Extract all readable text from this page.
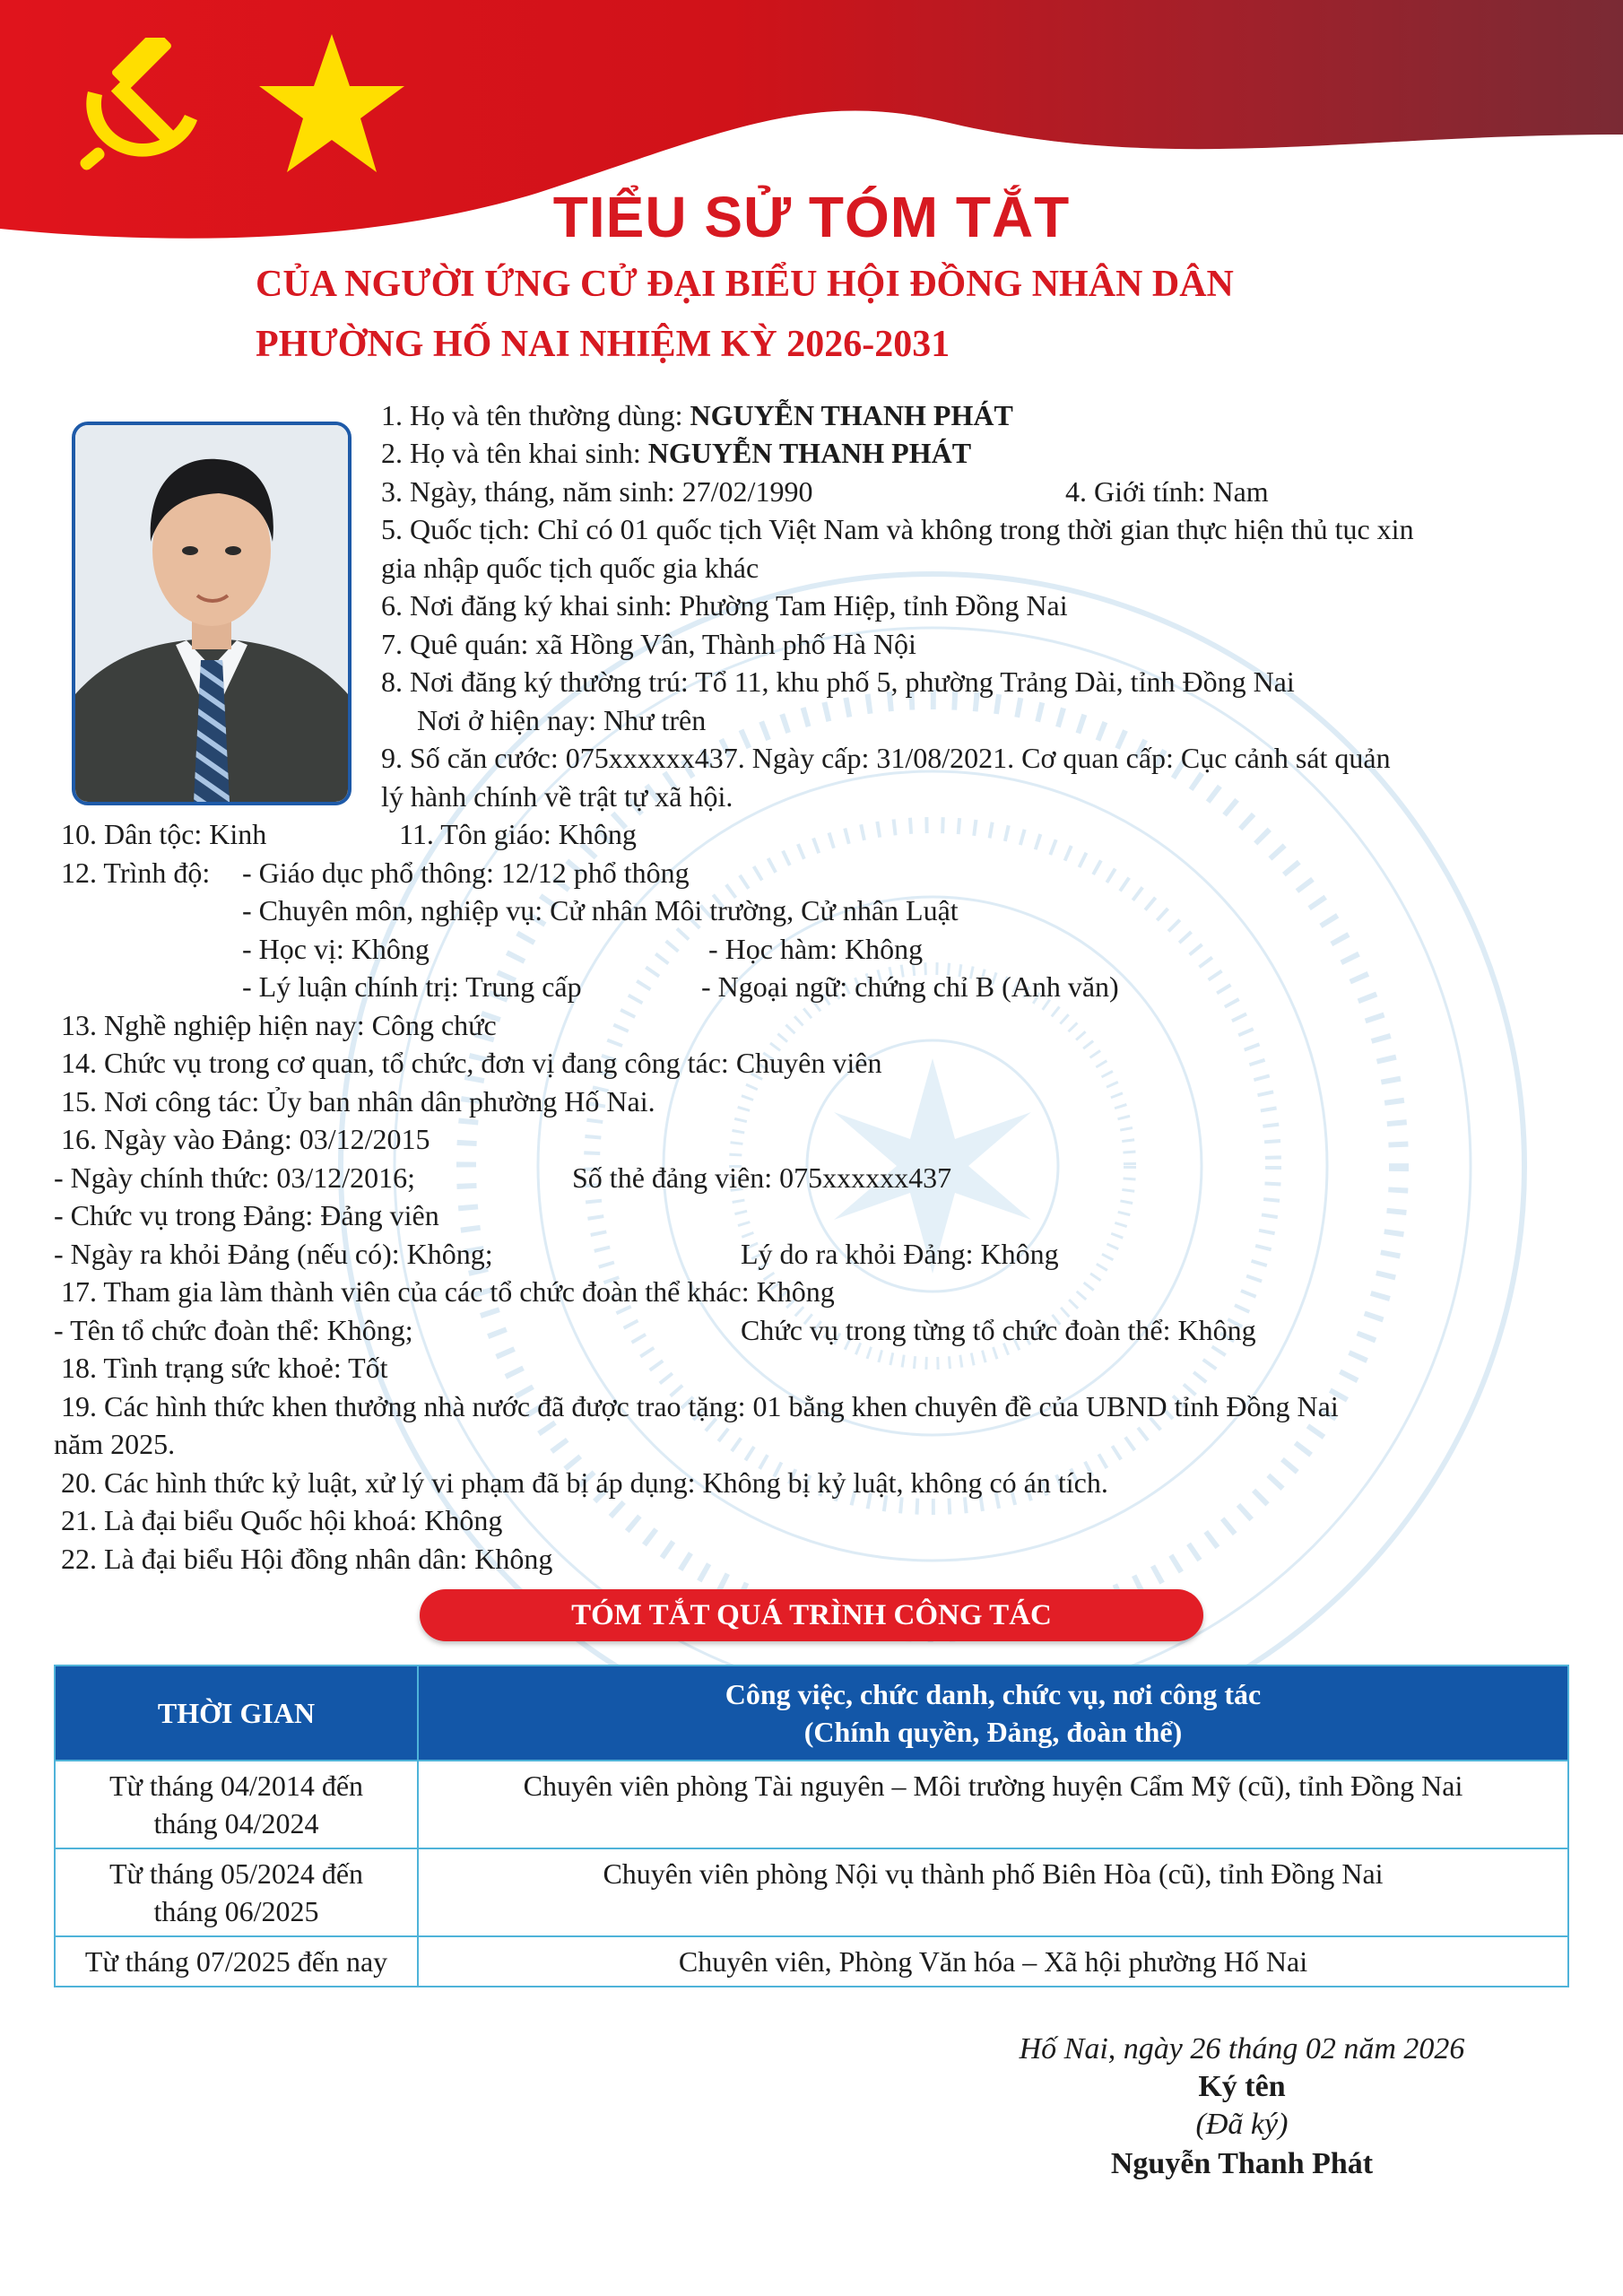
TIỂU SỬ TÓM TẮT
CỦA NGƯỜI ỨNG CỬ ĐẠI BIỂU HỘI ĐỒNG NHÂN DÂN
PHƯỜNG HỐ NAI NHIỆM KỲ 2026-2031
1. Họ và tên thường dùng: NGUYỄN THANH PHÁT
2. Họ và tên khai sinh: NGUYỄN THANH PHÁT
3. Ngày, tháng, năm sinh: 27/02/1990	4. Giới tính: Nam
5. Quốc tịch: Chỉ có 01 quốc tịch Việt Nam và không trong thời gian thực hiện thủ tục xin
gia nhập quốc tịch quốc gia khác
6. Nơi đăng ký khai sinh: Phường Tam Hiệp, tỉnh Đồng Nai
7. Quê quán: xã Hồng Vân, Thành phố Hà Nội
8. Nơi đăng ký thường trú: Tổ 11, khu phố 5, phường Trảng Dài, tỉnh Đồng Nai
Nơi ở hiện nay: Như trên
9. Số căn cước: 075xxxxxx437. Ngày cấp: 31/08/2021. Cơ quan cấp: Cục cảnh sát quản
lý hành chính về trật tự xã hội.
10. Dân tộc: Kinh	11. Tôn giáo: Không
12. Trình độ: - Giáo dục phổ thông: 12/12 phổ thông
- Chuyên môn, nghiệp vụ: Cử nhân Môi trường, Cử nhân Luật
- Học vị: Không	- Học hàm: Không
- Lý luận chính trị: Trung cấp	- Ngoại ngữ: chứng chỉ B (Anh văn)
13. Nghề nghiệp hiện nay: Công chức
14. Chức vụ trong cơ quan, tổ chức, đơn vị đang công tác: Chuyên viên
15. Nơi công tác: Ủy ban nhân dân phường Hố Nai.
16. Ngày vào Đảng: 03/12/2015
- Ngày chính thức: 03/12/2016;	Số thẻ đảng viên: 075xxxxxx437
- Chức vụ trong Đảng: Đảng viên
- Ngày ra khỏi Đảng (nếu có): Không;	Lý do ra khỏi Đảng: Không
17. Tham gia làm thành viên của các tổ chức đoàn thể khác: Không
- Tên tổ chức đoàn thể: Không;	Chức vụ trong từng tổ chức đoàn thể: Không
18. Tình trạng sức khoẻ: Tốt
19. Các hình thức khen thưởng nhà nước đã được trao tặng: 01 bằng khen chuyên đề của UBND tỉnh Đồng Nai
năm 2025.
20. Các hình thức kỷ luật, xử lý vi phạm đã bị áp dụng: Không bị kỷ luật, không có án tích.
21. Là đại biểu Quốc hội khoá: Không
22. Là đại biểu Hội đồng nhân dân: Không
TÓM TẮT QUÁ TRÌNH CÔNG TÁC
THỜI GIAN	Công việc, chức danh, chức vụ, nơi công tác
(Chính quyền, Đảng, đoàn thể)

Từ tháng 04/2014 đến
tháng 04/2024	Chuyên viên phòng Tài nguyên – Môi trường huyện Cẩm Mỹ (cũ), tỉnh Đồng Nai

Từ tháng 05/2024 đến
tháng 06/2025	Chuyên viên phòng Nội vụ thành phố Biên Hòa (cũ), tỉnh Đồng Nai

Từ tháng 07/2025 đến nay	Chuyên viên, Phòng Văn hóa – Xã hội phường Hố Nai
Hố Nai, ngày 26 tháng 02 năm 2026
Ký tên
(Đã ký)
Nguyễn Thanh Phát
